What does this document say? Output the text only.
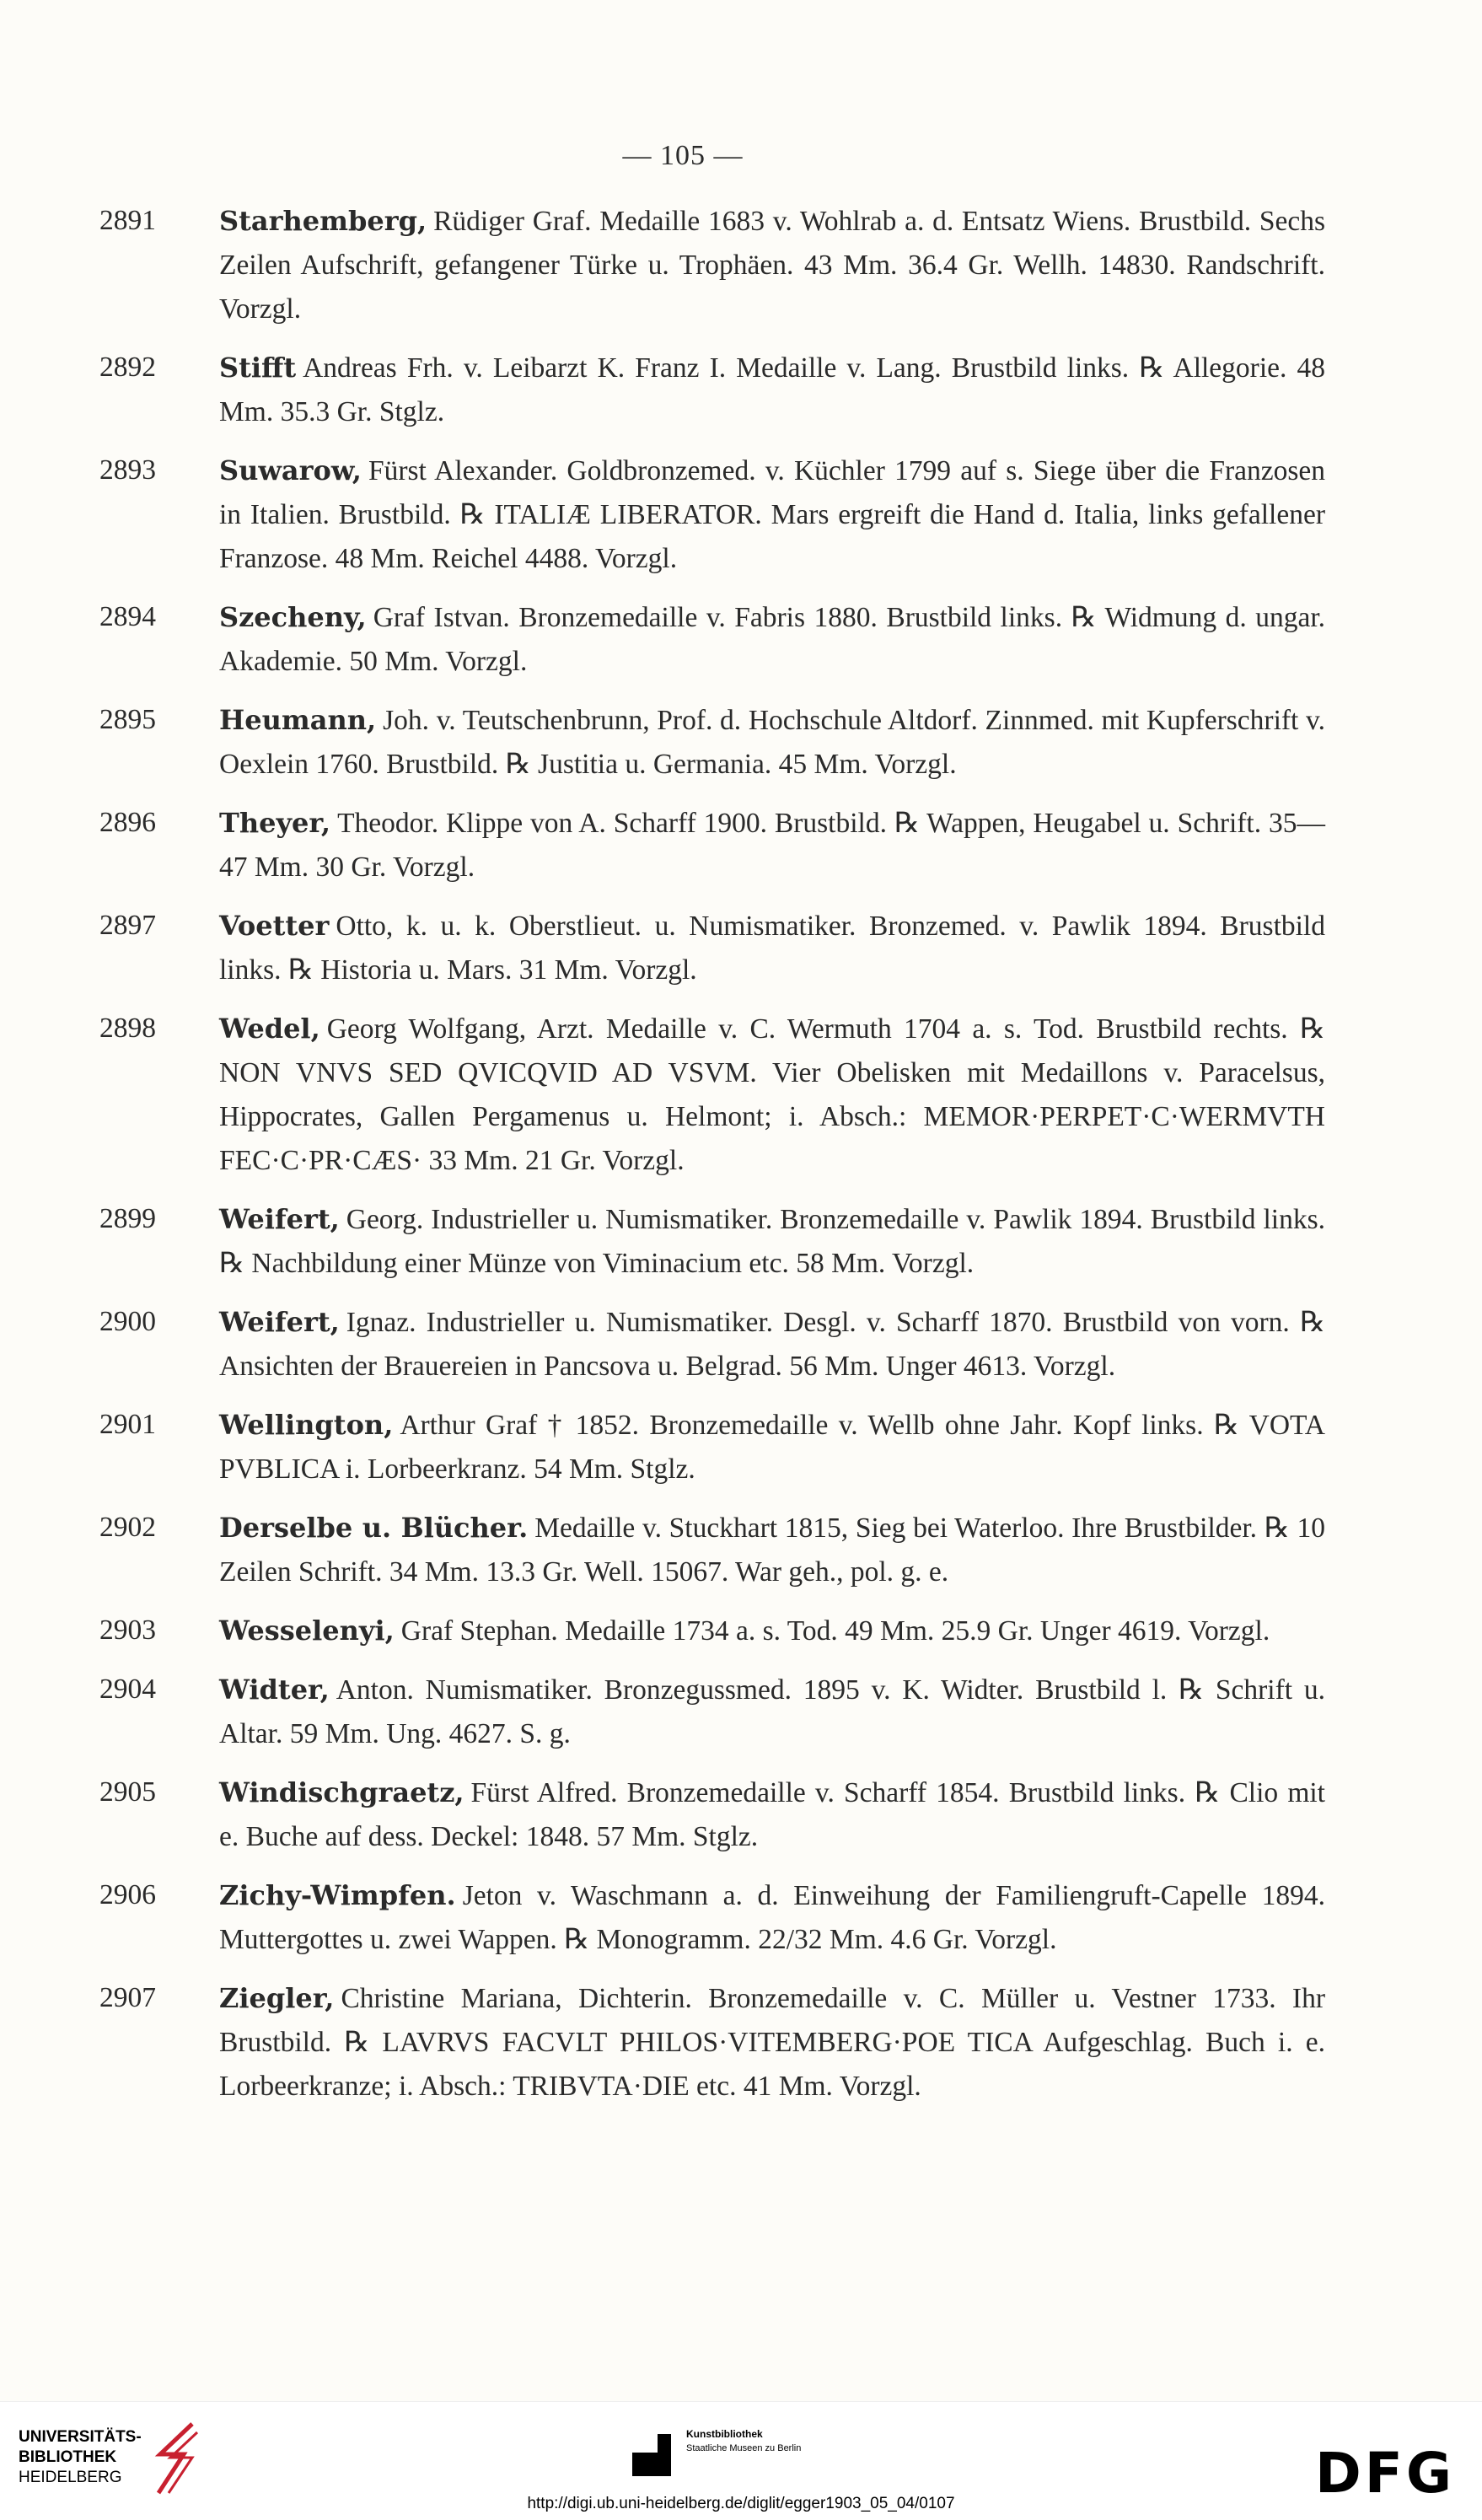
— 105 —
2891	Starhemberg, Rüdiger Graf. Medaille 1683 v. Wohlrab a. d. Entsatz Wiens. Brustbild. Sechs Zeilen Aufschrift, gefangener Türke u. Trophäen. 43 Mm. 36.4 Gr. Wellh. 14830. Randschrift. Vorzgl.
2892	Stifft Andreas Frh. v. Leibarzt K. Franz I. Medaille v. Lang. Brustbild links. ℞ Allegorie. 48 Mm. 35.3 Gr. Stglz.
2893	Suwarow, Fürst Alexander. Goldbronzemed. v. Küchler 1799 auf s. Siege über die Franzosen in Italien. Brustbild. ℞ ITALIÆ LIBERATOR. Mars ergreift die Hand d. Italia, links gefallener Franzose. 48 Mm. Reichel 4488. Vorzgl.
2894	Szecheny, Graf Istvan. Bronzemedaille v. Fabris 1880. Brustbild links. ℞ Widmung d. ungar. Akademie. 50 Mm. Vorzgl.
2895	Heumann, Joh. v. Teutschenbrunn, Prof. d. Hochschule Altdorf. Zinnmed. mit Kupferschrift v. Oexlein 1760. Brustbild. ℞ Justitia u. Germania. 45 Mm. Vorzgl.
2896	Theyer, Theodor. Klippe von A. Scharff 1900. Brustbild. ℞ Wappen, Heugabel u. Schrift. 35—47 Mm. 30 Gr. Vorzgl.
2897	Voetter Otto, k. u. k. Oberstlieut. u. Numismatiker. Bronzemed. v. Pawlik 1894. Brustbild links. ℞ Historia u. Mars. 31 Mm. Vorzgl.
2898	Wedel, Georg Wolfgang, Arzt. Medaille v. C. Wermuth 1704 a. s. Tod. Brustbild rechts. ℞ NON VNVS SED QVICQVID AD VSVM. Vier Obelisken mit Medaillons v. Paracelsus, Hippocrates, Gallen Pergamenus u. Helmont; i. Absch.: MEMOR·PERPET·C·WERMVTH FEC·C·PR·CÆS· 33 Mm. 21 Gr. Vorzgl.
2899	Weifert, Georg. Industrieller u. Numismatiker. Bronzemedaille v. Pawlik 1894. Brustbild links. ℞ Nachbildung einer Münze von Viminacium etc. 58 Mm. Vorzgl.
2900	Weifert, Ignaz. Industrieller u. Numismatiker. Desgl. v. Scharff 1870. Brustbild von vorn. ℞ Ansichten der Brauereien in Pancsova u. Belgrad. 56 Mm. Unger 4613. Vorzgl.
2901	Wellington, Arthur Graf † 1852. Bronzemedaille v. Wellb ohne Jahr. Kopf links. ℞ VOTA PVBLICA i. Lorbeerkranz. 54 Mm. Stglz.
2902	Derselbe u. Blücher. Medaille v. Stuckhart 1815, Sieg bei Waterloo. Ihre Brustbilder. ℞ 10 Zeilen Schrift. 34 Mm. 13.3 Gr. Well. 15067. War geh., pol. g. e.
2903	Wesselenyi, Graf Stephan. Medaille 1734 a. s. Tod. 49 Mm. 25.9 Gr. Unger 4619. Vorzgl.
2904	Widter, Anton. Numismatiker. Bronzegussmed. 1895 v. K. Widter. Brustbild l. ℞ Schrift u. Altar. 59 Mm. Ung. 4627. S. g.
2905	Windischgraetz, Fürst Alfred. Bronzemedaille v. Scharff 1854. Brustbild links. ℞ Clio mit e. Buche auf dess. Deckel: 1848. 57 Mm. Stglz.
2906	Zichy-Wimpfen. Jeton v. Waschmann a. d. Einweihung der Familiengruft-Capelle 1894. Muttergottes u. zwei Wappen. ℞ Monogramm. 22/32 Mm. 4.6 Gr. Vorzgl.
2907	Ziegler, Christine Mariana, Dichterin. Bronzemedaille v. C. Müller u. Vestner 1733. Ihr Brustbild. ℞ LAVRVS FACVLT PHILOS·VITEMBERG·POE TICA Aufgeschlag. Buch i. e. Lorbeerkranze; i. Absch.: TRIBVTA·DIE etc. 41 Mm. Vorzgl.
UNIVERSITÄTS-
BIBLIOTHEK
HEIDELBERG
Kunstbibliothek
Staatliche Museen zu Berlin	DFG
http://digi.ub.uni-heidelberg.de/diglit/egger1903_05_04/0107
